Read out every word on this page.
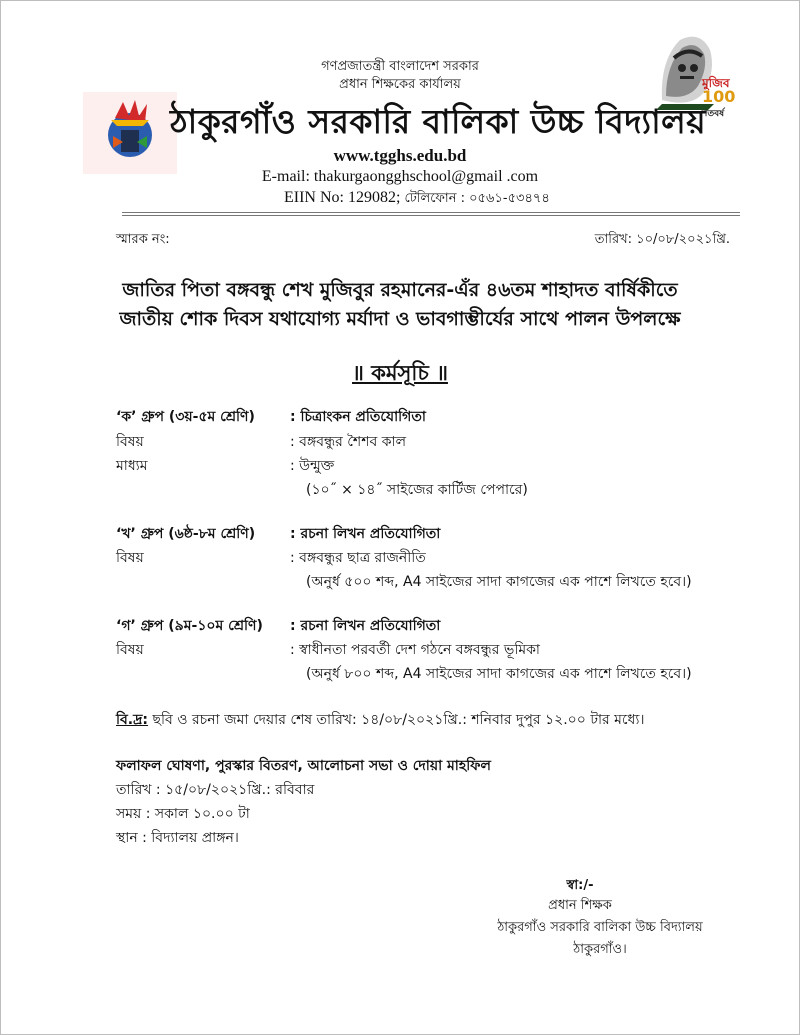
মুজিব 100
শতবর্ষ
গণপ্রজাতন্ত্রী বাংলাদেশ সরকার
প্রধান শিক্ষকের কার্যালয়
ঠাকুরগাঁও সরকারি বালিকা উচ্চ বিদ্যালয়
www.tgghs.edu.bd
E-mail: thakurgaongghschool@gmail .com
EIIN No: 129082; টেলিফোন : ০৫৬১-৫৩৪৭৪
স্মারক নং:	তারিখ: ১০/০৮/২০২১খ্রি.
জাতির পিতা বঙ্গবন্ধু শেখ মুজিবুর রহমানের-এঁর ৪৬তম শাহাদত বার্ষিকীতে
জাতীয় শোক দিবস যথাযোগ্য মর্যাদা ও ভাবগাম্ভীর্যের সাথে পালন উপলক্ষে
॥ কর্মসূচি ॥
‘ক’ গ্রুপ (৩য়-৫ম শ্রেণি)	: চিত্রাংকন প্রতিযোগিতা
বিষয়	: বঙ্গবন্ধুর শৈশব কাল
মাধ্যম	: উন্মুক্ত
(১০˝ × ১৪˝ সাইজের কার্টিজ পেপারে)
‘খ’ গ্রুপ (৬ষ্ঠ-৮ম শ্রেণি) : রচনা লিখন প্রতিযোগিতা
বিষয়	: বঙ্গবন্ধুর ছাত্র রাজনীতি
(অনুর্ধ ৫০০ শব্দ, A4 সাইজের সাদা কাগজের এক পাশে লিখতে হবে।)
‘গ’ গ্রুপ (৯ম-১০ম শ্রেণি) : রচনা লিখন প্রতিযোগিতা
বিষয়	: স্বাধীনতা পরবর্তী দেশ গঠনে বঙ্গবন্ধুর ভূমিকা
(অনুর্ধ ৮০০ শব্দ, A4 সাইজের সাদা কাগজের এক পাশে লিখতে হবে।)
বি.দ্র: ছবি ও রচনা জমা দেয়ার শেষ তারিখ: ১৪/০৮/২০২১খ্রি.: শনিবার দুপুর ১২.০০ টার মধ্যে।
ফলাফল ঘোষণা, পুরস্কার বিতরণ, আলোচনা সভা ও দোয়া মাহফিল
তারিখ : ১৫/০৮/২০২১খ্রি.: রবিবার
সময় : সকাল ১০.০০ টা
স্থান : বিদ্যালয় প্রাঙ্গন।
স্বা:/-
প্রধান শিক্ষক
ঠাকুরগাঁও সরকারি বালিকা উচ্চ বিদ্যালয়
ঠাকুরগাঁও।
